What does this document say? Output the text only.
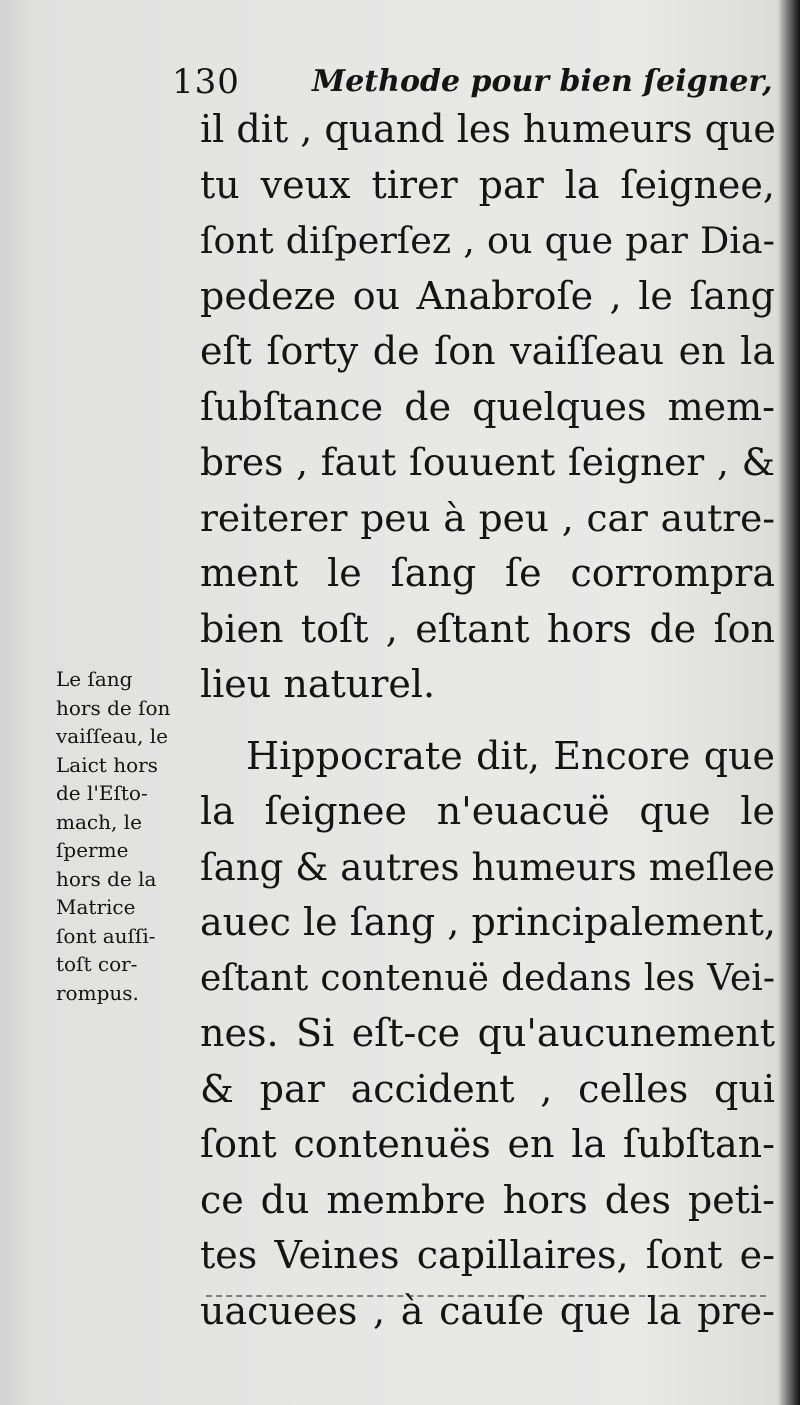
130 Methode pour bien ſeigner,
Le ſang
hors de ſon
vaiſſeau, le
Laict hors
de l'Eſto-
mach, le
ſperme
hors de la
Matrice
ſont auſſi-
toſt cor-
rompus.
il dit , quand les humeurs que
tu veux tirer par la ſeignee,
ſont diſperſez , ou que par Dia-
pedeze ou Anabroſe , le ſang
eſt ſorty de ſon vaiſſeau en la
ſubſtance de quelques mem-
bres , faut ſouuent ſeigner , &
reiterer peu à peu , car autre-
ment le ſang ſe corrompra
bien toſt , eſtant hors de ſon
lieu naturel.
Hippocrate dit, Encore que
la ſeignee n'euacuë que le
ſang & autres humeurs meſlee
auec le ſang , principalement,
eſtant contenuë dedans les Vei-
nes. Si eſt-ce qu'aucunement
& par accident , celles qui
ſont contenuës en la ſubſtan-
ce du membre hors des peti-
tes Veines capillaires, ſont e-
uacuees , à cauſe que la pre-
